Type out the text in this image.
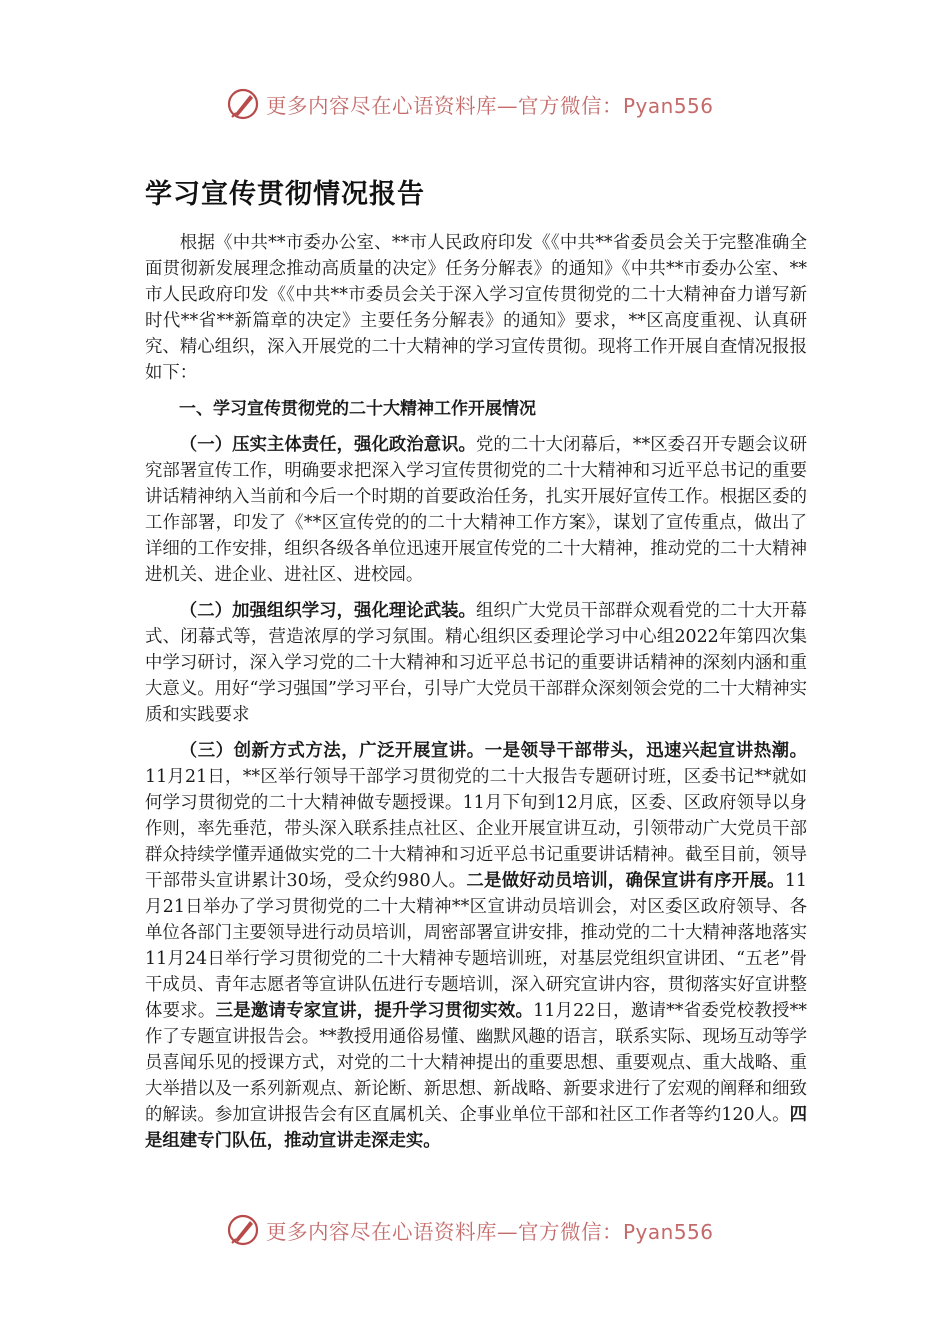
更多内容尽在心语资料库—官方微信：Pyan556
学习宣传贯彻情况报告

根据《中共**市委办公室、**市人民政府印发《《中共**省委员会关于完整准确全面贯彻新发展理念推动高质量的决定》任务分解表》的通知》《中共**市委办公室、**市人民政府印发《《中共**市委员会关于深入学习宣传贯彻党的二十大精神奋力谱写新时代**省**新篇章的决定》主要任务分解表》的通知》要求，**区高度重视、认真研究、精心组织，深入开展党的二十大精神的学习宣传贯彻。现将工作开展自查情况报报如下：

一、学习宣传贯彻党的二十大精神工作开展情况

（一）压实主体责任，强化政治意识。党的二十大闭幕后，**区委召开专题会议研究部署宣传工作，明确要求把深入学习宣传贯彻党的二十大精神和习近平总书记的重要讲话精神纳入当前和今后一个时期的首要政治任务，扎实开展好宣传工作。根据区委的工作部署，印发了《**区宣传党的的二十大精神工作方案》，谋划了宣传重点，做出了详细的工作安排，组织各级各单位迅速开展宣传党的二十大精神，推动党的二十大精神进机关、进企业、进社区、进校园。

（二）加强组织学习，强化理论武装。组织广大党员干部群众观看党的二十大开幕式、闭幕式等，营造浓厚的学习氛围。精心组织区委理论学习中心组2022年第四次集中学习研讨，深入学习党的二十大精神和习近平总书记的重要讲话精神的深刻内涵和重大意义。用好“学习强国”学习平台，引导广大党员干部群众深刻领会党的二十大精神实质和实践要求

（三）创新方式方法，广泛开展宣讲。一是领导干部带头，迅速兴起宣讲热潮。11月21日，**区举行领导干部学习贯彻党的二十大报告专题研讨班，区委书记**就如何学习贯彻党的二十大精神做专题授课。11月下旬到12月底，区委、区政府领导以身作则，率先垂范，带头深入联系挂点社区、企业开展宣讲互动，引领带动广大党员干部群众持续学懂弄通做实党的二十大精神和习近平总书记重要讲话精神。截至目前，领导干部带头宣讲累计30场，受众约980人。二是做好动员培训，确保宣讲有序开展。11月21日举办了学习贯彻党的二十大精神**区宣讲动员培训会，对区委区政府领导、各单位各部门主要领导进行动员培训，周密部署宣讲安排，推动党的二十大精神落地落实11月24日举行学习贯彻党的二十大精神专题培训班，对基层党组织宣讲团、“五老”骨干成员、青年志愿者等宣讲队伍进行专题培训，深入研究宣讲内容，贯彻落实好宣讲整体要求。三是邀请专家宣讲，提升学习贯彻实效。11月22日，邀请**省委党校教授**作了专题宣讲报告会。**教授用通俗易懂、幽默风趣的语言，联系实际、现场互动等学员喜闻乐见的授课方式，对党的二十大精神提出的重要思想、重要观点、重大战略、重大举措以及一系列新观点、新论断、新思想、新战略、新要求进行了宏观的阐释和细致的解读。参加宣讲报告会有区直属机关、企事业单位干部和社区工作者等约120人。四是组建专门队伍，推动宣讲走深走实。

更多内容尽在心语资料库—官方微信：Pyan556
